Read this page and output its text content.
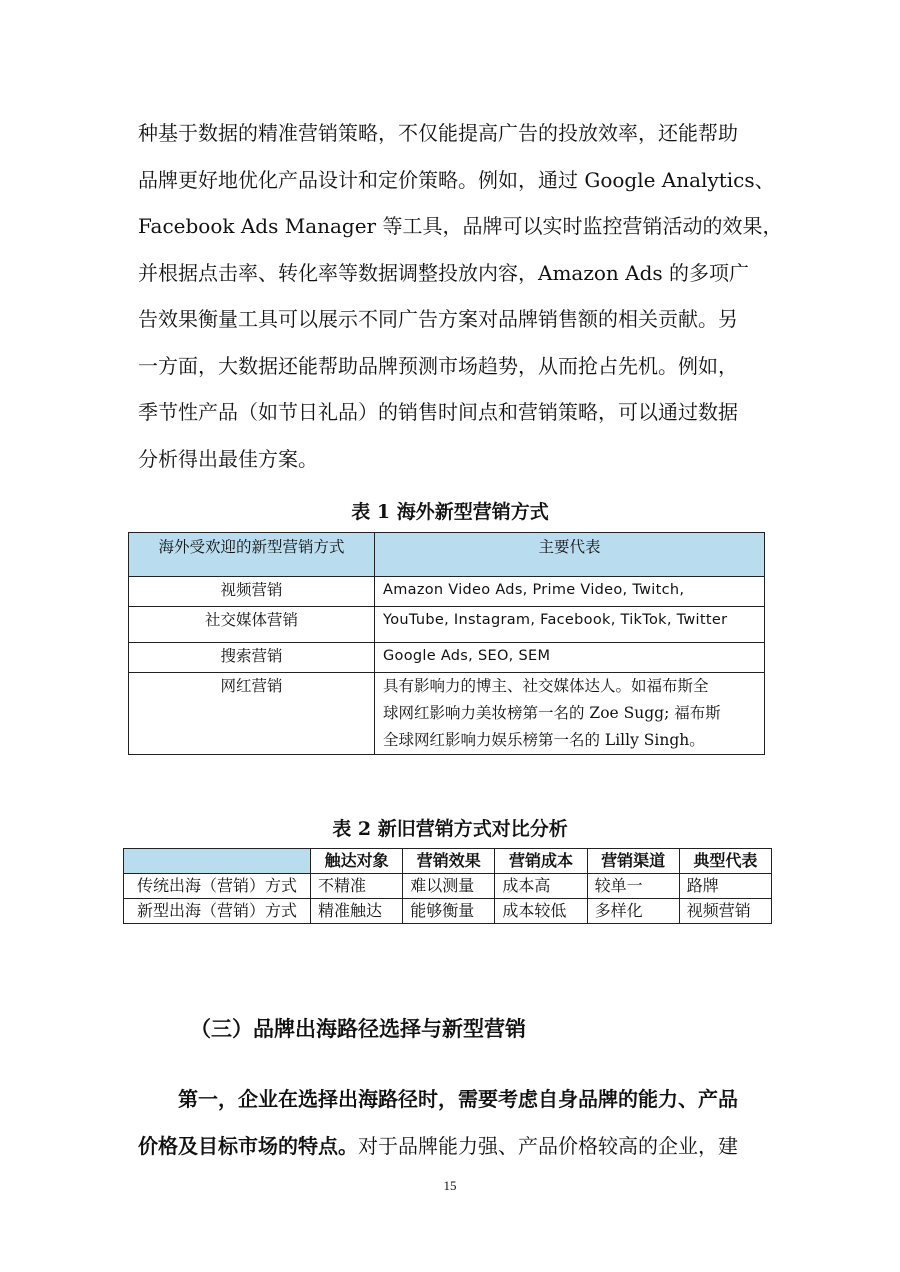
种基于数据的精准营销策略，不仅能提高广告的投放效率，还能帮助
品牌更好地优化产品设计和定价策略。例如，通过 Google Analytics、
Facebook Ads Manager 等工具，品牌可以实时监控营销活动的效果，
并根据点击率、转化率等数据调整投放内容，Amazon Ads 的多项广
告效果衡量工具可以展示不同广告方案对品牌销售额的相关贡献。另
一方面，大数据还能帮助品牌预测市场趋势，从而抢占先机。例如，
季节性产品（如节日礼品）的销售时间点和营销策略，可以通过数据
分析得出最佳方案。

表 1 海外新型营销方式

海外受欢迎的新型营销方式	主要代表
视频营销	Amazon Video Ads, Prime Video, Twitch,
社交媒体营销	YouTube, Instagram, Facebook, TikTok, Twitter
搜索营销	Google Ads, SEO, SEM
网红营销	具有影响力的博主、社交媒体达人。如福布斯全
球网红影响力美妆榜第一名的 Zoe Sugg; 福布斯
全球网红影响力娱乐榜第一名的 Lilly Singh。

表 2 新旧营销方式对比分析

	触达对象	营销效果	营销成本	营销渠道	典型代表
传统出海（营销）方式	不精准	难以测量	成本高	较单一	路牌
新型出海（营销）方式	精准触达	能够衡量	成本较低	多样化	视频营销

（三）品牌出海路径选择与新型营销

第一，企业在选择出海路径时，需要考虑自身品牌的能力、产品
价格及目标市场的特点。对于品牌能力强、产品价格较高的企业，建
15
